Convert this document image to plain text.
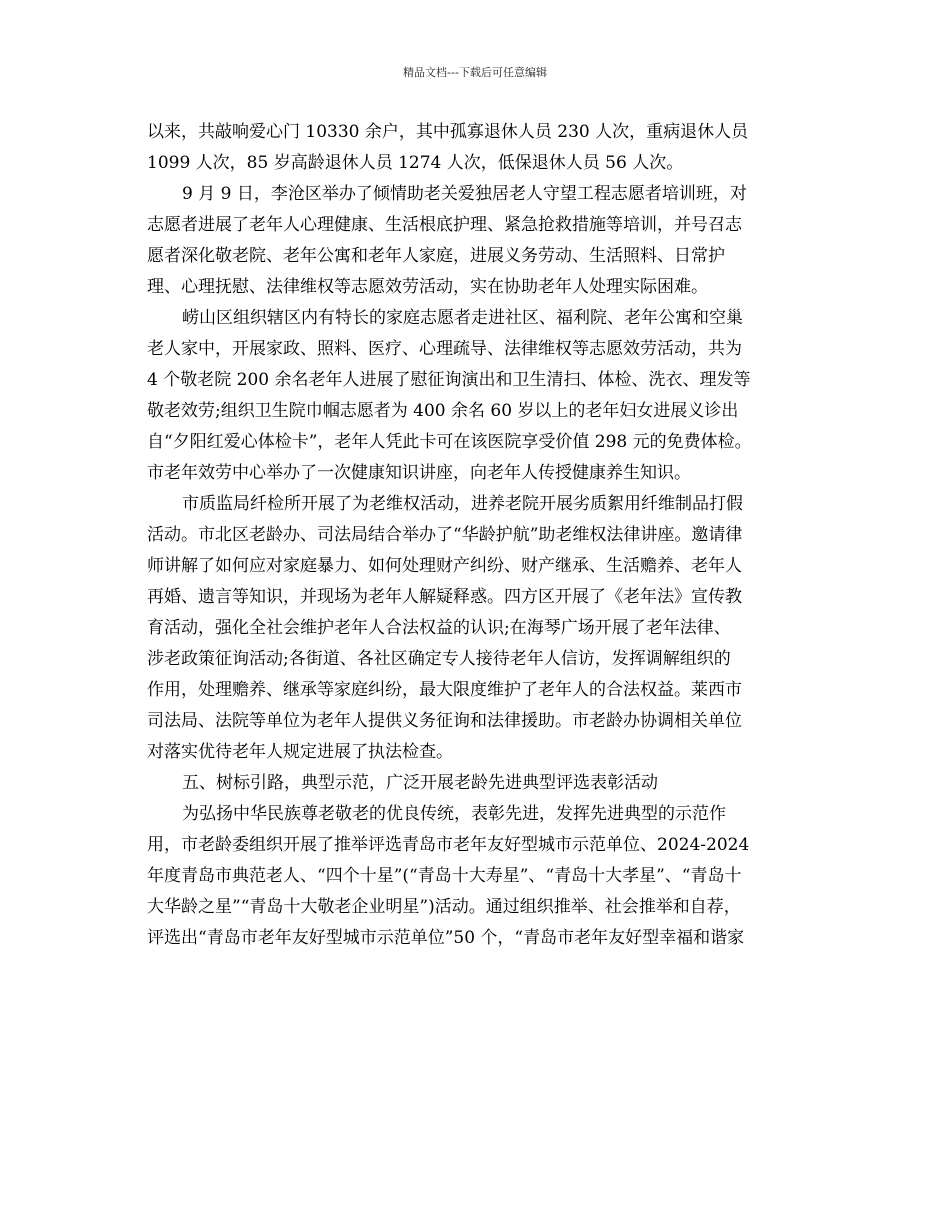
精品文档---下载后可任意编辑
以来，共敲响爱心门 10330 余户，其中孤寡退休人员 230 人次，重病退休人员
1099 人次，85 岁高龄退休人员 1274 人次，低保退休人员 56 人次。
9 月 9 日，李沧区举办了倾情助老关爱独居老人守望工程志愿者培训班，对
志愿者进展了老年人心理健康、生活根底护理、紧急抢救措施等培训，并号召志
愿者深化敬老院、老年公寓和老年人家庭，进展义务劳动、生活照料、日常护
理、心理抚慰、法律维权等志愿效劳活动，实在协助老年人处理实际困难。
崂山区组织辖区内有特长的家庭志愿者走进社区、福利院、老年公寓和空巢
老人家中，开展家政、照料、医疗、心理疏导、法律维权等志愿效劳活动，共为
4 个敬老院 200 余名老年人进展了慰征询演出和卫生清扫、体检、洗衣、理发等
敬老效劳;组织卫生院巾帼志愿者为 400 余名 60 岁以上的老年妇女进展义诊出
自“夕阳红爱心体检卡”，老年人凭此卡可在该医院享受价值 298 元的免费体检。
市老年效劳中心举办了一次健康知识讲座，向老年人传授健康养生知识。
市质监局纤检所开展了为老维权活动，进养老院开展劣质絮用纤维制品打假
活动。市北区老龄办、司法局结合举办了“华龄护航”助老维权法律讲座。邀请律
师讲解了如何应对家庭暴力、如何处理财产纠纷、财产继承、生活赡养、老年人
再婚、遗言等知识，并现场为老年人解疑释惑。四方区开展了《老年法》宣传教
育活动，强化全社会维护老年人合法权益的认识;在海琴广场开展了老年法律、
涉老政策征询活动;各街道、各社区确定专人接待老年人信访，发挥调解组织的
作用，处理赡养、继承等家庭纠纷，最大限度维护了老年人的合法权益。莱西市
司法局、法院等单位为老年人提供义务征询和法律援助。市老龄办协调相关单位
对落实优待老年人规定进展了执法检查。
五、树标引路，典型示范，广泛开展老龄先进典型评选表彰活动
为弘扬中华民族尊老敬老的优良传统，表彰先进，发挥先进典型的示范作
用，市老龄委组织开展了推举评选青岛市老年友好型城市示范单位、2024-2024
年度青岛市典范老人、“四个十星”(“青岛十大寿星”、“青岛十大孝星”、“青岛十
大华龄之星”“青岛十大敬老企业明星”)活动。通过组织推举、社会推举和自荐，
评选出“青岛市老年友好型城市示范单位”50 个，“青岛市老年友好型幸福和谐家
